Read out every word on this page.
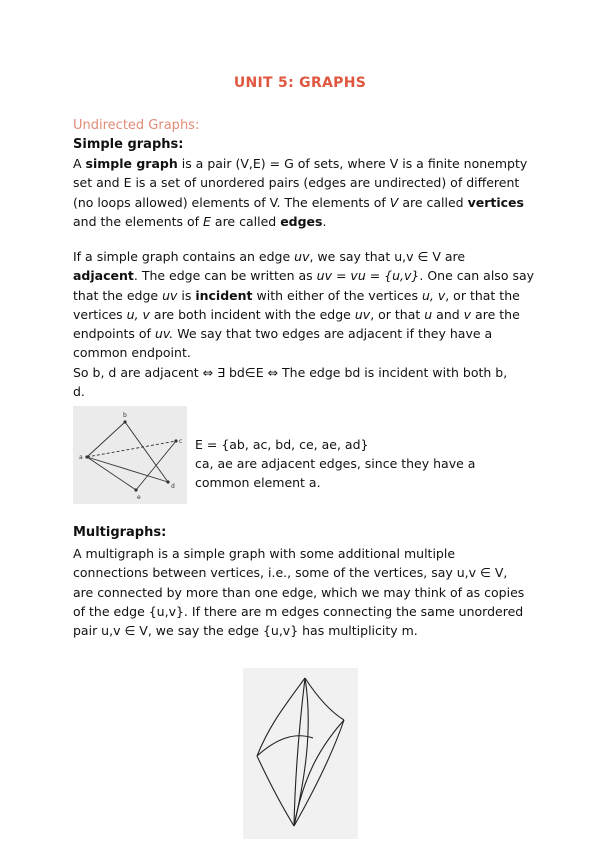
UNIT 5: GRAPHS
Undirected Graphs:
Simple graphs:
A simple graph is a pair (V,E) = G of sets, where V is a finite nonempty
set and E is a set of unordered pairs (edges are undirected) of different
(no loops allowed) elements of V. The elements of V are called vertices
and the elements of E are called edges.
If a simple graph contains an edge uv, we say that u,v ∈ V are
adjacent. The edge can be written as uv = vu = {u,v}. One can also say
that the edge uv is incident with either of the vertices u, v, or that the
vertices u, v are both incident with the edge uv, or that u and v are the
endpoints of uv. We say that two edges are adjacent if they have a
common endpoint.
So b, d are adjacent ⇔ ∃ bd∈E ⇔ The edge bd is incident with both b,
d.
a
b
c
d
e
E = {ab, ac, bd, ce, ae, ad}
ca, ae are adjacent edges, since they have a
common element a.
Multigraphs:
A multigraph is a simple graph with some additional multiple
connections between vertices, i.e., some of the vertices, say u,v ∈ V,
are connected by more than one edge, which we may think of as copies
of the edge {u,v}. If there are m edges connecting the same unordered
pair u,v ∈ V, we say the edge {u,v} has multiplicity m.
